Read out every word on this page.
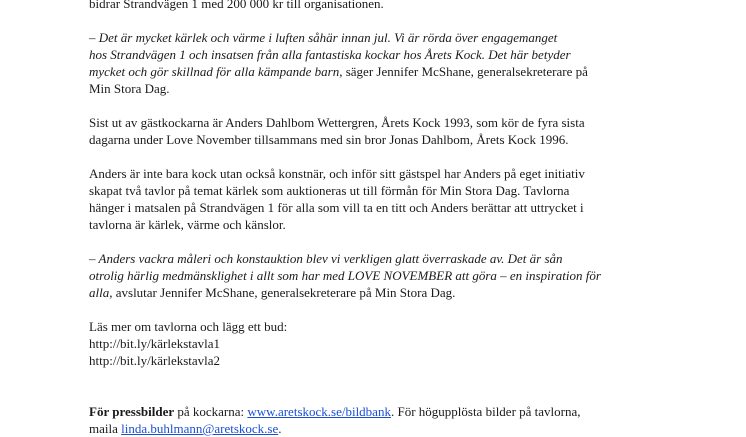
bidrar Strandvägen 1 med 200 000 kr till organisationen.

– Det är mycket kärlek och värme i luften såhär innan jul. Vi är rörda över engagemanget
hos Strandvägen 1 och insatsen från alla fantastiska kockar hos Årets Kock. Det här betyder
mycket och gör skillnad för alla kämpande barn, säger Jennifer McShane, generalsekreterare på
Min Stora Dag.

Sist ut av gästkockarna är Anders Dahlbom Wettergren, Årets Kock 1993, som kör de fyra sista
dagarna under Love November tillsammans med sin bror Jonas Dahlbom, Årets Kock 1996.

Anders är inte bara kock utan också konstnär, och inför sitt gästspel har Anders på eget initiativ
skapat två tavlor på temat kärlek som auktioneras ut till förmån för Min Stora Dag. Tavlorna
hänger i matsalen på Strandvägen 1 för alla som vill ta en titt och Anders berättar att uttrycket i
tavlorna är kärlek, värme och känslor.

– Anders vackra måleri och konstauktion blev vi verkligen glatt överraskade av. Det är sån
otrolig härlig medmänsklighet i allt som har med LOVE NOVEMBER att göra – en inspiration för
alla, avslutar Jennifer McShane, generalsekreterare på Min Stora Dag.

Läs mer om tavlorna och lägg ett bud:
http://bit.ly/kärlekstavla1
http://bit.ly/kärlekstavla2

För pressbilder på kockarna: www.aretskock.se/bildbank. För högupplösta bilder på tavlorna,
maila linda.buhlmann@aretskock.se.
